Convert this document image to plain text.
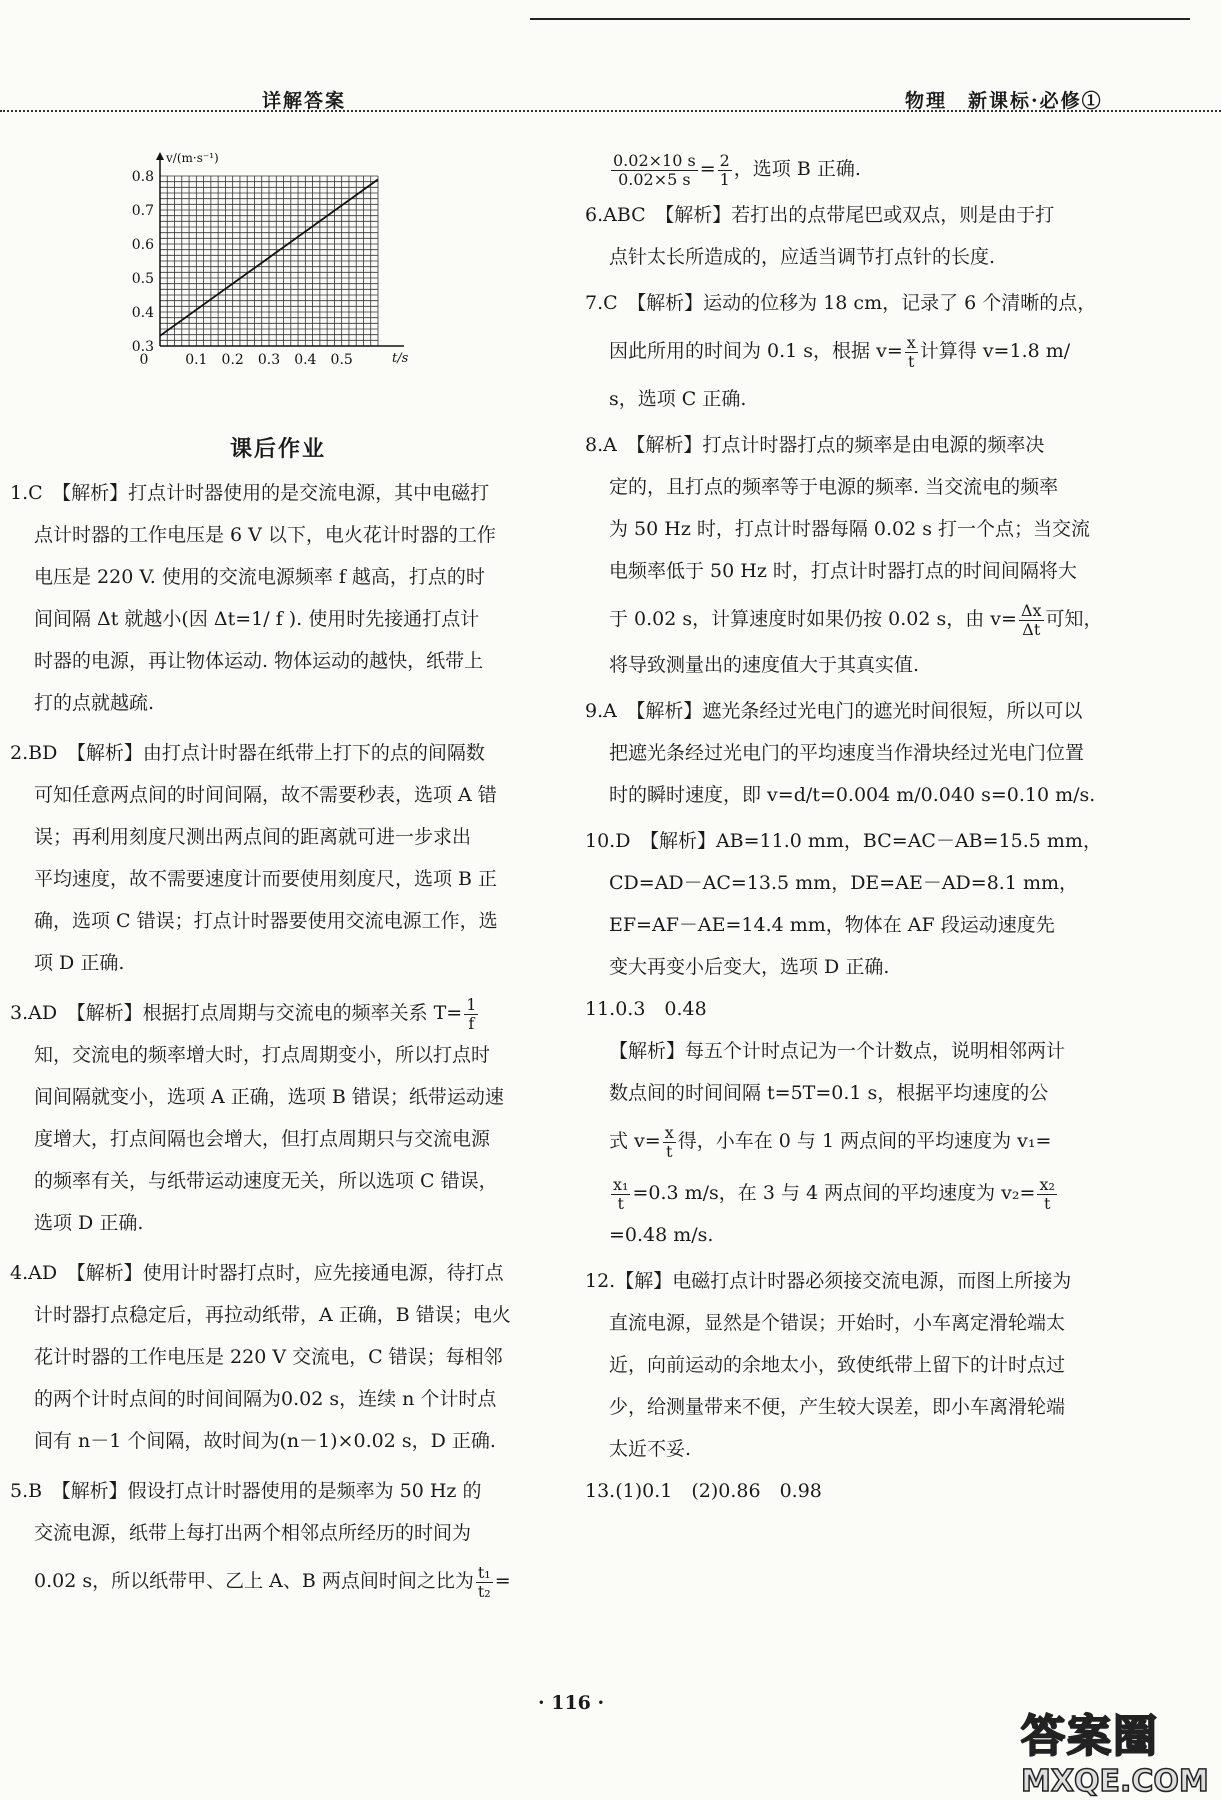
详解答案	物理　新课标·必修①
0	0.1 0.2 0.3 0.4 0.5
0.3
0.4
0.5
0.6
0.7
0.8
v/(m·s⁻¹)
t/s
课后作业

1.C　【解析】打点计时器使用的是交流电源，其中电磁打

点计时器的工作电压是 6 V 以下，电火花计时器的工作

电压是 220 V. 使用的交流电源频率 f 越高，打点的时

间间隔 Δt 就越小(因 Δt=1/ f ). 使用时先接通打点计

时器的电源，再让物体运动. 物体运动的越快，纸带上

打的点就越疏.

2.BD　【解析】由打点计时器在纸带上打下的点的间隔数

可知任意两点间的时间间隔，故不需要秒表，选项 A 错

误；再利用刻度尺测出两点间的距离就可进一步求出

平均速度，故不需要速度计而要使用刻度尺，选项 B 正

确，选项 C 错误；打点计时器要使用交流电源工作，选

项 D 正确.

3.AD　【解析】根据打点周期与交流电的频率关系 $T= \frac{1}{f}$

知，交流电的频率增大时，打点周期变小，所以打点时

间间隔就变小，选项 A 正确，选项 B 错误；纸带运动速

度增大，打点间隔也会增大，但打点周期只与交流电源

的频率有关，与纸带运动速度无关，所以选项 C 错误，

选项 D 正确.

4.AD　【解析】使用计时器打点时，应先接通电源，待打点

计时器打点稳定后，再拉动纸带，A 正确，B 错误；电火

花计时器的工作电压是 220 V 交流电，C 错误；每相邻

的两个计时点间的时间间隔为0.02 s，连续 n 个计时点

间有 n－1 个间隔，故时间为(n－1)×0.02 s，D 正确.

5.B　【解析】假设打点计时器使用的是频率为 50 Hz 的

交流电源，纸带上每打出两个相邻点所经历的时间为

0.02 s，所以纸带甲、乙上 A、B 两点间时间之比为 $\frac{\text{t₁}}{\text{t₂}}$ =

$\frac{0.02\times 10 s}{0.02\times 5 s} = \frac{2}{1}$ ，选项 B 正确.

6.ABC　【解析】若打出的点带尾巴或双点，则是由于打

点针太长所造成的，应适当调节打点针的长度.

7.C　【解析】运动的位移为 18 cm，记录了 6 个清晰的点，

因此所用的时间为 0.1 s，根据 $v= \frac{x}{t}$ 计算得 v=1.8 m/

s，选项 C 正确.

8.A　【解析】打点计时器打点的频率是由电源的频率决

定的，且打点的频率等于电源的频率. 当交流电的频率

为 50 Hz 时，打点计时器每隔 0.02 s 打一个点；当交流

电频率低于 50 Hz 时，打点计时器打点的时间间隔将大

于 0.02 s，计算速度时如果仍按 0.02 s，由 $v= \frac{\Delta x}{\Delta t}$ 可知，

将导致测量出的速度值大于其真实值.

9.A　【解析】遮光条经过光电门的遮光时间很短，所以可以

把遮光条经过光电门的平均速度当作滑块经过光电门位置

时的瞬时速度，即 v=d/t=0.004 m/0.040 s=0.10 m/s.

10.D　【解析】AB=11.0 mm，BC=AC－AB=15.5 mm，

CD=AD－AC=13.5 mm，DE=AE－AD=8.1 mm，

EF=AF－AE=14.4 mm，物体在 AF 段运动速度先

变大再变小后变大，选项 D 正确.

11.0.3　0.48

【解析】每五个计时点记为一个计数点，说明相邻两计

数点间的时间间隔 t=5T=0.1 s，根据平均速度的公

式 $v= \frac{x}{t}$ 得，小车在 0 与 1 两点间的平均速度为 v₁=

$\frac{\text{x₁}}{t} =0.3$ m/s，在 3 与 4 两点间的平均速度为 $v_2= \frac{\text{x₂}}{t}$

=0.48 m/s.

12.【解】电磁打点计时器必须接交流电源，而图上所接为

直流电源，显然是个错误；开始时，小车离定滑轮端太

近，向前运动的余地太小，致使纸带上留下的计时点过

少，给测量带来不便，产生较大误差，即小车离滑轮端

太近不妥.

13.(1)0.1　(2)0.86　0.98

· 116 ·
答案圈
MXQE.COM
